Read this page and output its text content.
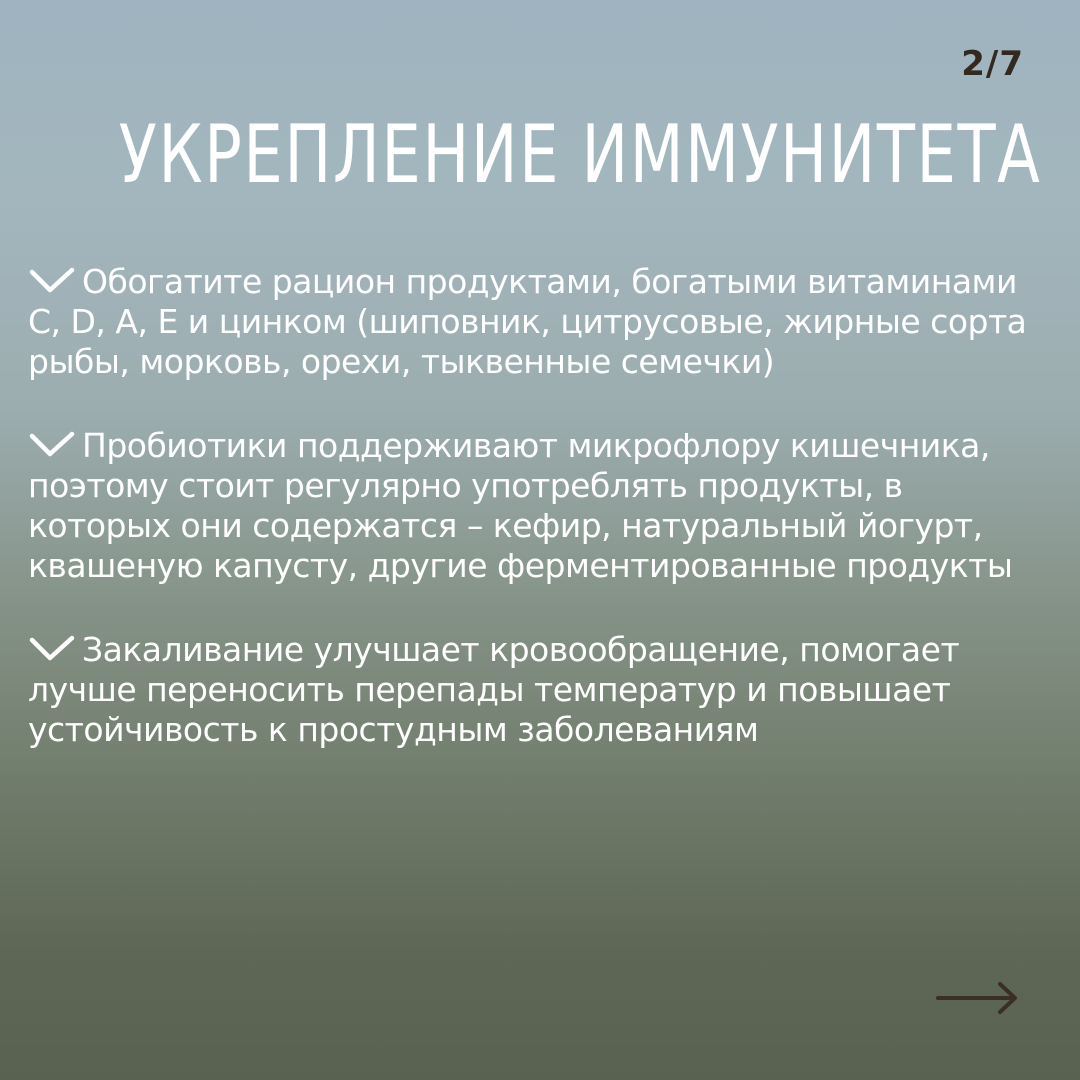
2/7
УКРЕПЛЕНИЕ ИММУНИТЕТА
Обогатите рацион продуктами, богатыми витаминами С, D, A, E и цинком (шиповник, цитрусовые, жирные сорта рыбы, морковь, орехи, тыквенные семечки)
Пробиотики поддерживают микрофлору кишечника, поэтому стоит регулярно употреблять продукты, в которых они содержатся – кефир, натуральный йогурт, квашеную капусту, другие ферментированные продукты
Закаливание улучшает кровообращение, помогает лучше переносить перепады температур и повышает устойчивость к простудным заболеваниям
